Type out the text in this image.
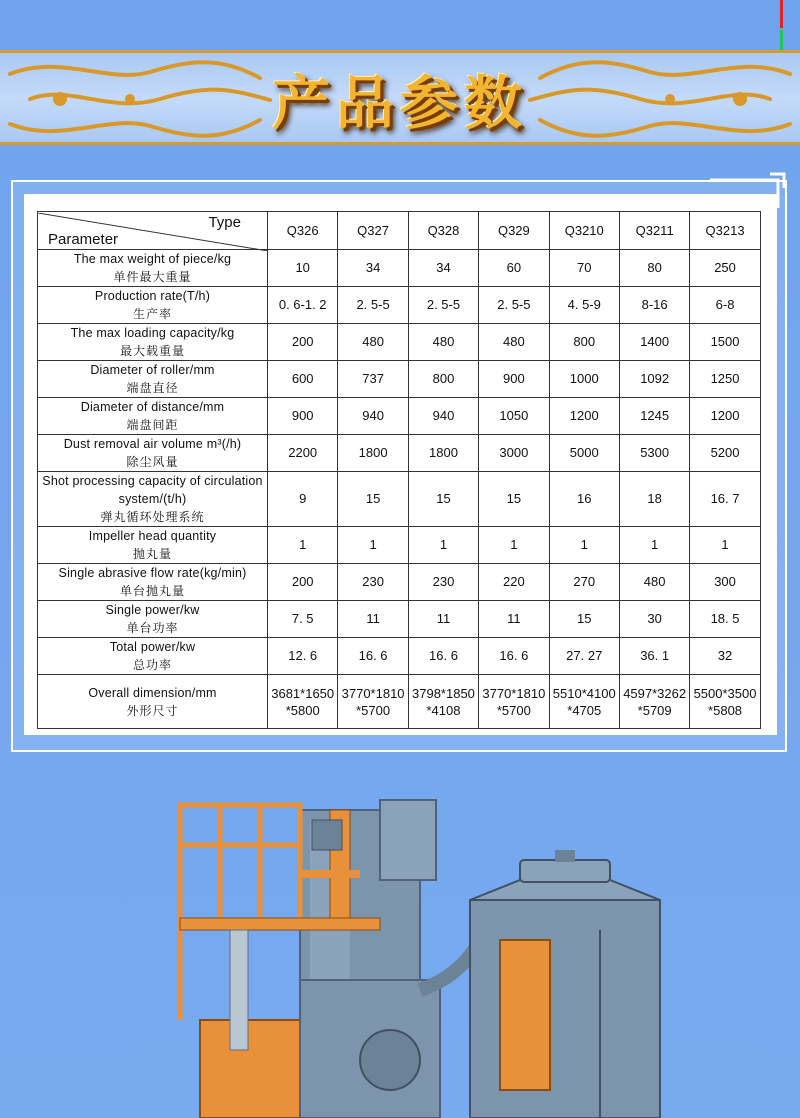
产品参数
Type
Parameter	Q326	Q327	Q328	Q329	Q3210	Q3211	Q3213

The max weight of piece/kg
单件最大重量	10	34	34	60	70	80	250

Production rate(T/h)
生产率	0. 6-1. 2	2. 5-5	2. 5-5	2. 5-5	4. 5-9	8-16	6-8

The max loading capacity/kg
最大载重量	200	480	480	480	800	1400	1500

Diameter of roller/mm
端盘直径	600	737	800	900	1000	1092	1250

Diameter of distance/mm
端盘间距	900	940	940	1050	1200	1245	1200

Dust removal air volume m³(/h)
除尘风量	2200	1800	1800	3000	5000	5300	5200

Shot processing capacity of circulation system/(t/h)
弹丸循环处理系统	9	15	15	15	16	18	16. 7

Impeller head quantity
抛丸量	1	1	1	1	1	1	1

Single abrasive flow rate(kg/min)
单台抛丸量	200	230	230	220	270	480	300

Single power/kw
单台功率	7. 5	11	11	11	15	30	18. 5

Total power/kw
总功率	12. 6	16. 6	16. 6	16. 6	27. 27	36. 1	32

Overall dimension/mm
外形尺寸	3681*1650*5800	3770*1810*5700	3798*1850*4108	3770*1810*5700	5510*4100*4705	4597*3262*5709	5500*3500*5808
